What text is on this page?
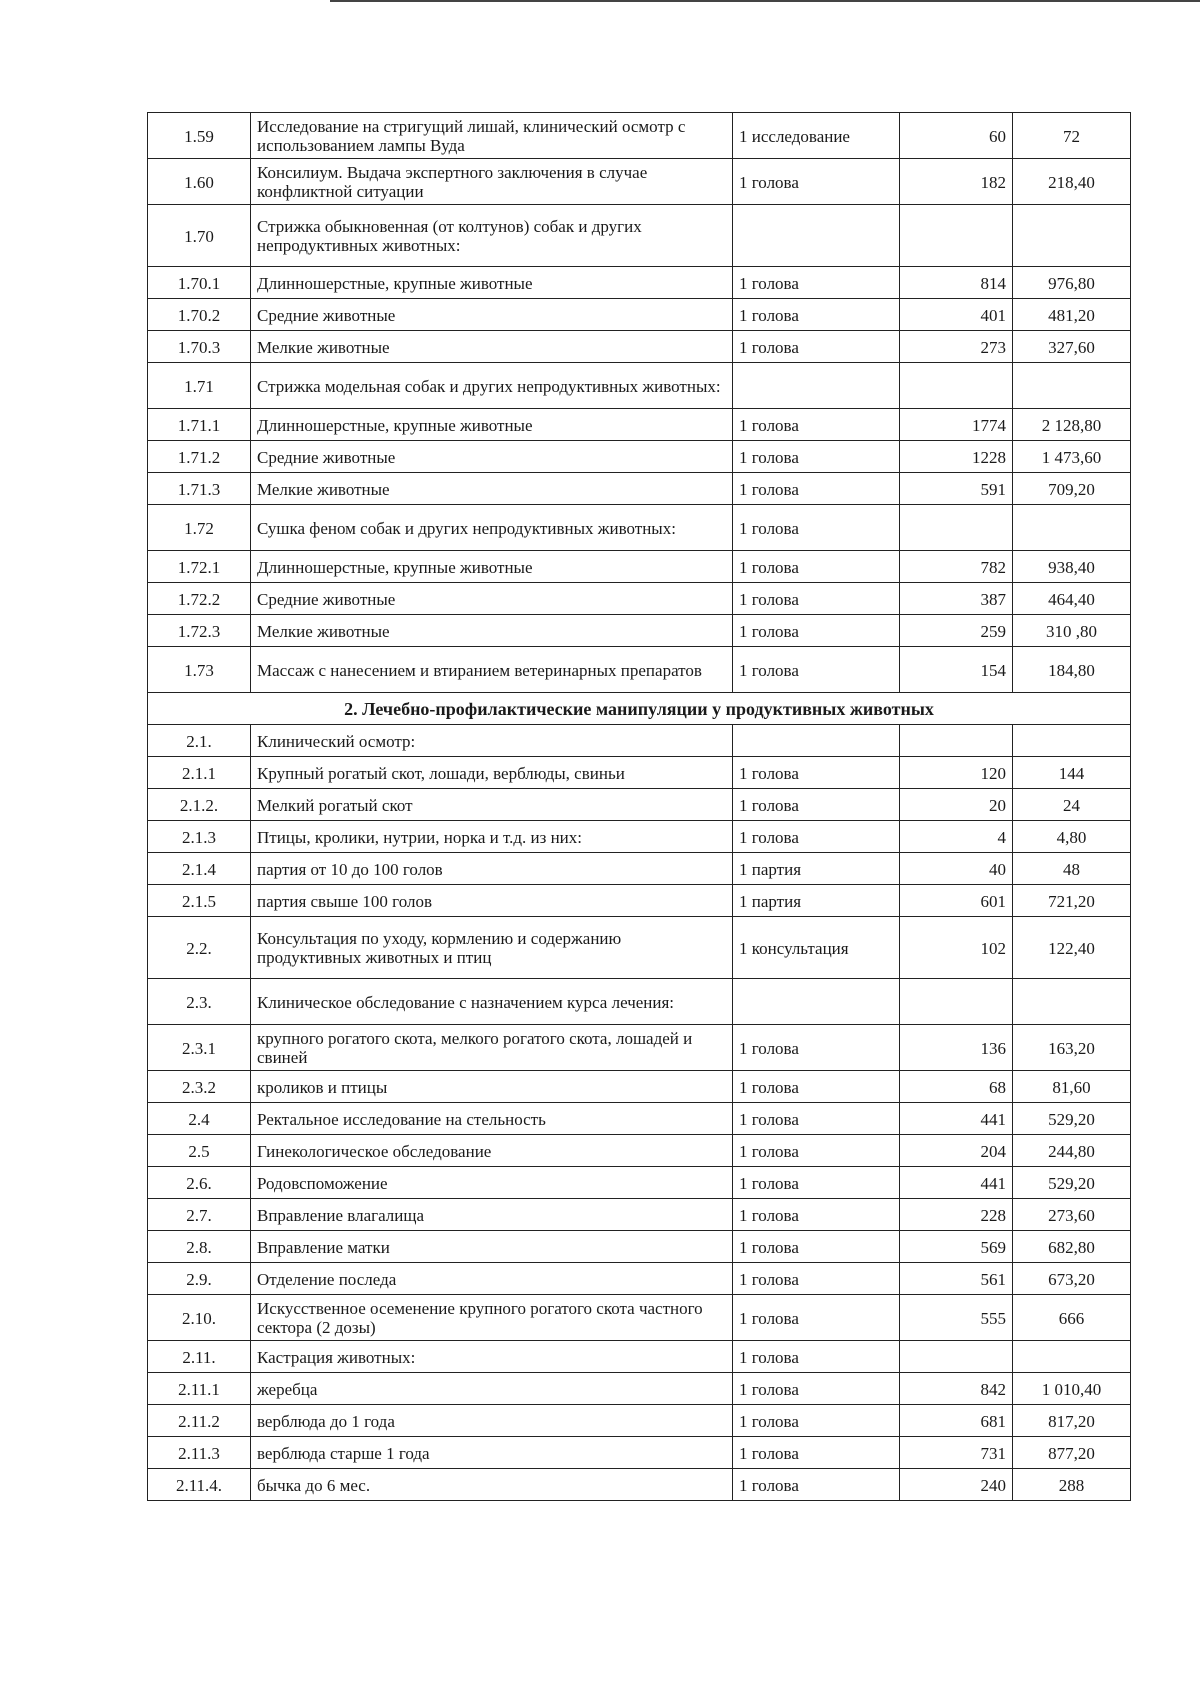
1.59	Исследование на стригущий лишай, клинический осмотр с использованием лампы Вуда	1 исследование	60	72
1.60	Консилиум. Выдача экспертного заключения в случае конфликтной ситуации	1 голова	182	218,40
1.70	Стрижка обыкновенная (от колтунов) собак и других непродуктивных животных:			
1.70.1	Длинношерстные, крупные животные	1 голова	814	976,80
1.70.2	Средние животные	1 голова	401	481,20
1.70.3	Мелкие животные	1 голова	273	327,60
1.71	Стрижка модельная собак и других непродуктивных животных:			
1.71.1	Длинношерстные, крупные животные	1 голова	1774	2 128,80
1.71.2	Средние животные	1 голова	1228	1 473,60
1.71.3	Мелкие животные	1 голова	591	709,20
1.72	Сушка феном собак и других непродуктивных животных:	1 голова		
1.72.1	Длинношерстные, крупные животные	1 голова	782	938,40
1.72.2	Средние животные	1 голова	387	464,40
1.72.3	Мелкие животные	1 голова	259	310 ,80
1.73	Массаж с нанесением и втиранием ветеринарных препаратов	1 голова	154	184,80
2. Лечебно-профилактические манипуляции у продуктивных животных				
2.1.	Клинический осмотр:			
2.1.1	Крупный рогатый скот, лошади, верблюды, свиньи	1 голова	120	144
2.1.2.	Мелкий рогатый скот	1 голова	20	24
2.1.3	Птицы, кролики, нутрии, норка и т.д. из них:	1 голова	4	4,80
2.1.4	партия от 10 до 100 голов	1 партия	40	48
2.1.5	партия свыше 100 голов	1 партия	601	721,20
2.2.	Консультация по уходу, кормлению и содержанию продуктивных животных и птиц	1 консультация	102	122,40
2.3.	Клиническое обследование с назначением курса лечения:			
2.3.1	крупного рогатого скота, мелкого рогатого скота, лошадей и свиней	1 голова	136	163,20
2.3.2	кроликов и птицы	1 голова	68	81,60
2.4	Ректальное исследование на стельность	1 голова	441	529,20
2.5	Гинекологическое обследование	1 голова	204	244,80
2.6.	Родовспоможение	1 голова	441	529,20
2.7.	Вправление влагалища	1 голова	228	273,60
2.8.	Вправление матки	1 голова	569	682,80
2.9.	Отделение последа	1 голова	561	673,20
2.10.	Искусственное осеменение крупного рогатого скота частного сектора (2 дозы)	1 голова	555	666
2.11.	Кастрация животных:	1 голова		
2.11.1	жеребца	1 голова	842	1 010,40
2.11.2	верблюда до 1 года	1 голова	681	817,20
2.11.3	верблюда старше 1 года	1 голова	731	877,20
2.11.4.	бычка до 6 мес.	1 голова	240	288
